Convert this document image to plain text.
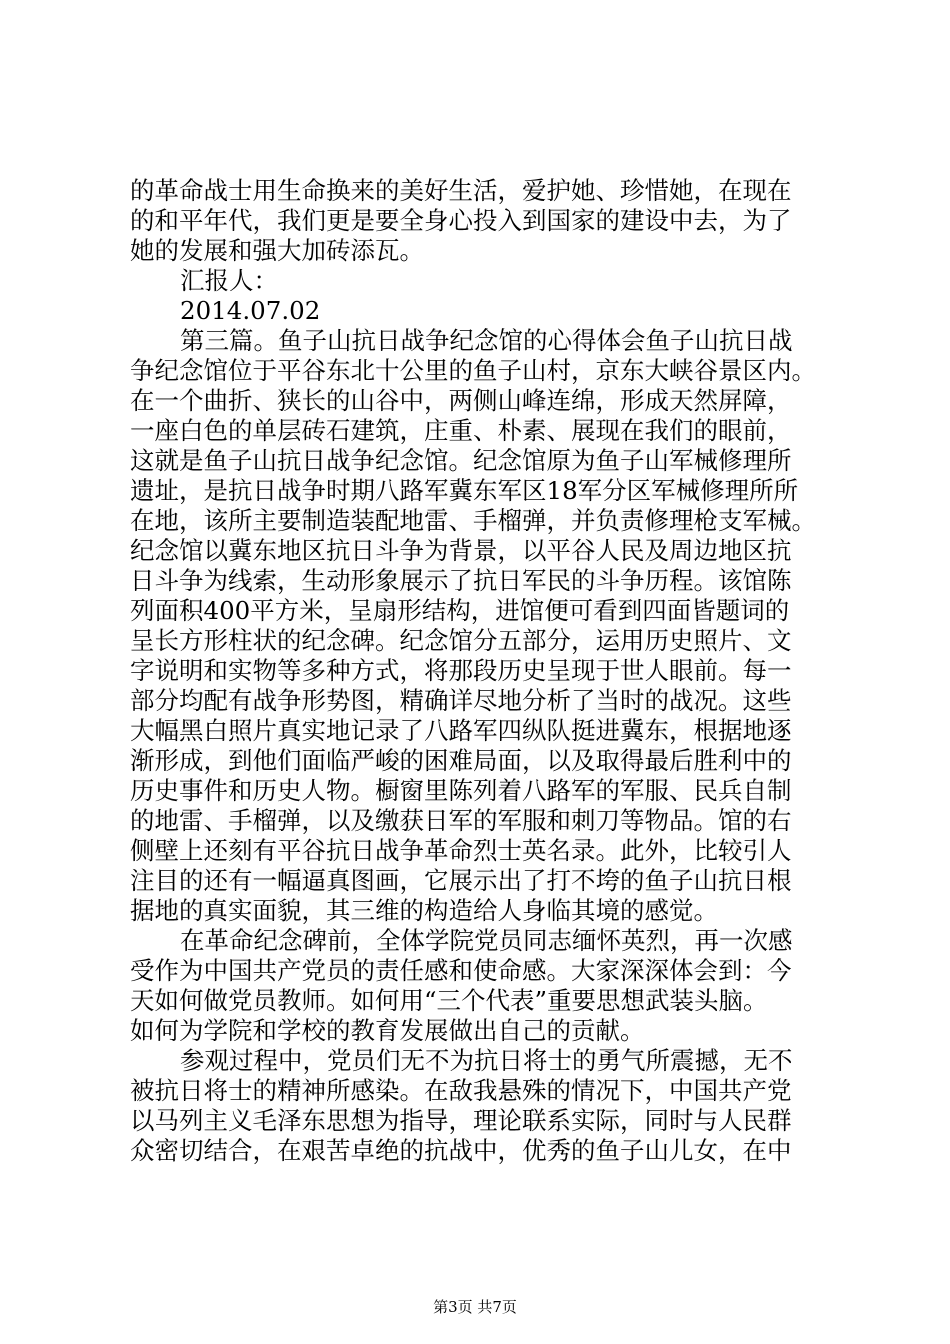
的革命战士用生命换来的美好生活，爱护她、珍惜她，在现在
的和平年代，我们更是要全身心投入到国家的建设中去，为了
她的发展和强大加砖添瓦。
汇报人：
2014.07.02
第三篇。鱼子山抗日战争纪念馆的心得体会鱼子山抗日战
争纪念馆位于平谷东北十公里的鱼子山村，京东大峡谷景区内。
在一个曲折、狭长的山谷中，两侧山峰连绵，形成天然屏障，
一座白色的单层砖石建筑，庄重、朴素、展现在我们的眼前，
这就是鱼子山抗日战争纪念馆。纪念馆原为鱼子山军械修理所
遗址，是抗日战争时期八路军冀东军区18军分区军械修理所所
在地，该所主要制造装配地雷、手榴弹，并负责修理枪支军械。
纪念馆以冀东地区抗日斗争为背景，以平谷人民及周边地区抗
日斗争为线索，生动形象展示了抗日军民的斗争历程。该馆陈
列面积400平方米，呈扇形结构，进馆便可看到四面皆题词的
呈长方形柱状的纪念碑。纪念馆分五部分，运用历史照片、文
字说明和实物等多种方式，将那段历史呈现于世人眼前。每一
部分均配有战争形势图，精确详尽地分析了当时的战况。这些
大幅黑白照片真实地记录了八路军四纵队挺进冀东，根据地逐
渐形成，到他们面临严峻的困难局面，以及取得最后胜利中的
历史事件和历史人物。橱窗里陈列着八路军的军服、民兵自制
的地雷、手榴弹，以及缴获日军的军服和刺刀等物品。馆的右
侧壁上还刻有平谷抗日战争革命烈士英名录。此外，比较引人
注目的还有一幅逼真图画，它展示出了打不垮的鱼子山抗日根
据地的真实面貌，其三维的构造给人身临其境的感觉。
在革命纪念碑前，全体学院党员同志缅怀英烈，再一次感
受作为中国共产党员的责任感和使命感。大家深深体会到：今
天如何做党员教师。如何用“三个代表”重要思想武装头脑。
如何为学院和学校的教育发展做出自己的贡献。
参观过程中，党员们无不为抗日将士的勇气所震撼，无不
被抗日将士的精神所感染。在敌我悬殊的情况下，中国共产党
以马列主义毛泽东思想为指导，理论联系实际，同时与人民群
众密切结合，在艰苦卓绝的抗战中，优秀的鱼子山儿女，在中
第3页 共7页
